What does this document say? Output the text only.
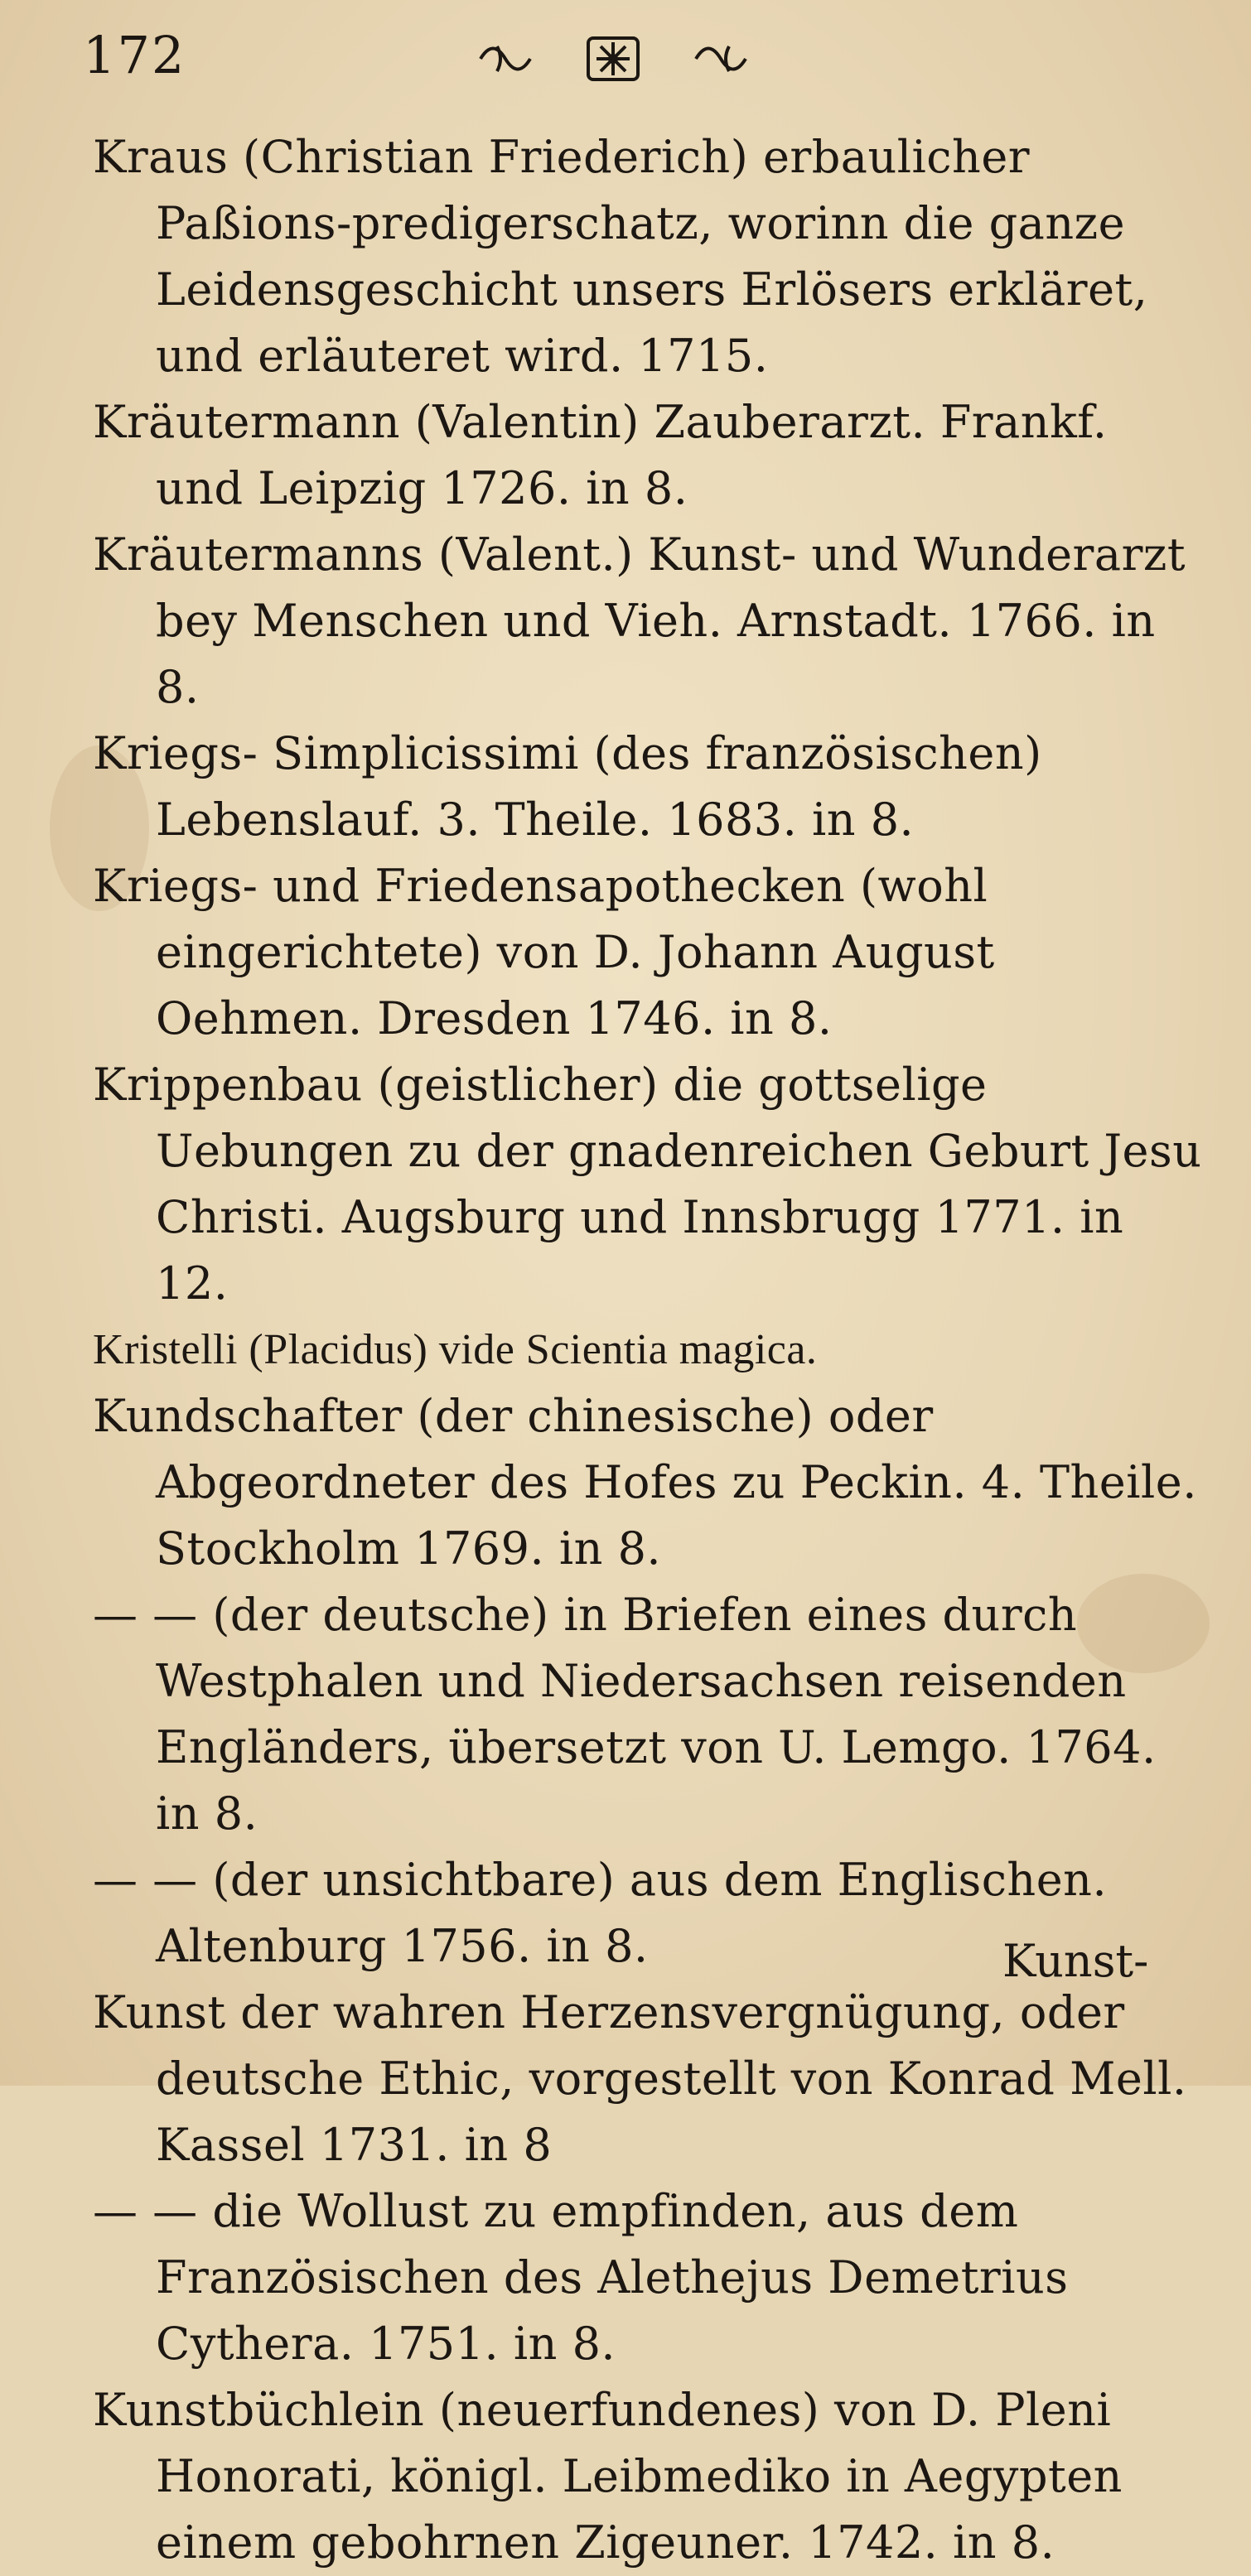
172

Kraus (Christian Friederich) erbaulicher Paßions-predigerschatz, worinn die ganze Leidensgeschicht unsers Erlösers erkläret, und erläuteret wird. 1715.

Kräutermann (Valentin) Zauberarzt. Frankf. und Leipzig 1726. in 8.

Kräutermanns (Valent.) Kunst- und Wunderarzt bey Menschen und Vieh. Arnstadt. 1766. in 8.

Kriegs- Simplicissimi (des französischen) Lebenslauf. 3. Theile. 1683. in 8.

Kriegs- und Friedensapothecken (wohl eingerichtete) von D. Johann August Oehmen. Dresden 1746. in 8.

Krippenbau (geistlicher) die gottselige Uebungen zu der gnadenreichen Geburt Jesu Christi. Augsburg und Innsbrugg 1771. in 12.

Kristelli (Placidus) vide Scientia magica.

Kundschafter (der chinesische) oder Abgeordneter des Hofes zu Peckin. 4. Theile. Stockholm 1769. in 8.

— — (der deutsche) in Briefen eines durch Westphalen und Niedersachsen reisenden Engländers, übersetzt von U. Lemgo. 1764. in 8.

— — (der unsichtbare) aus dem Englischen. Altenburg 1756. in 8.

Kunst der wahren Herzensvergnügung, oder deutsche Ethic, vorgestellt von Konrad Mell. Kassel 1731. in 8

— — die Wollust zu empfinden, aus dem Französischen des Alethejus Demetrius Cythera. 1751. in 8.

Kunstbüchlein (neuerfundenes) von D. Pleni Honorati, königl. Leibmediko in Aegypten einem gebohrnen Zigeuner. 1742. in 8.

Kunst-
